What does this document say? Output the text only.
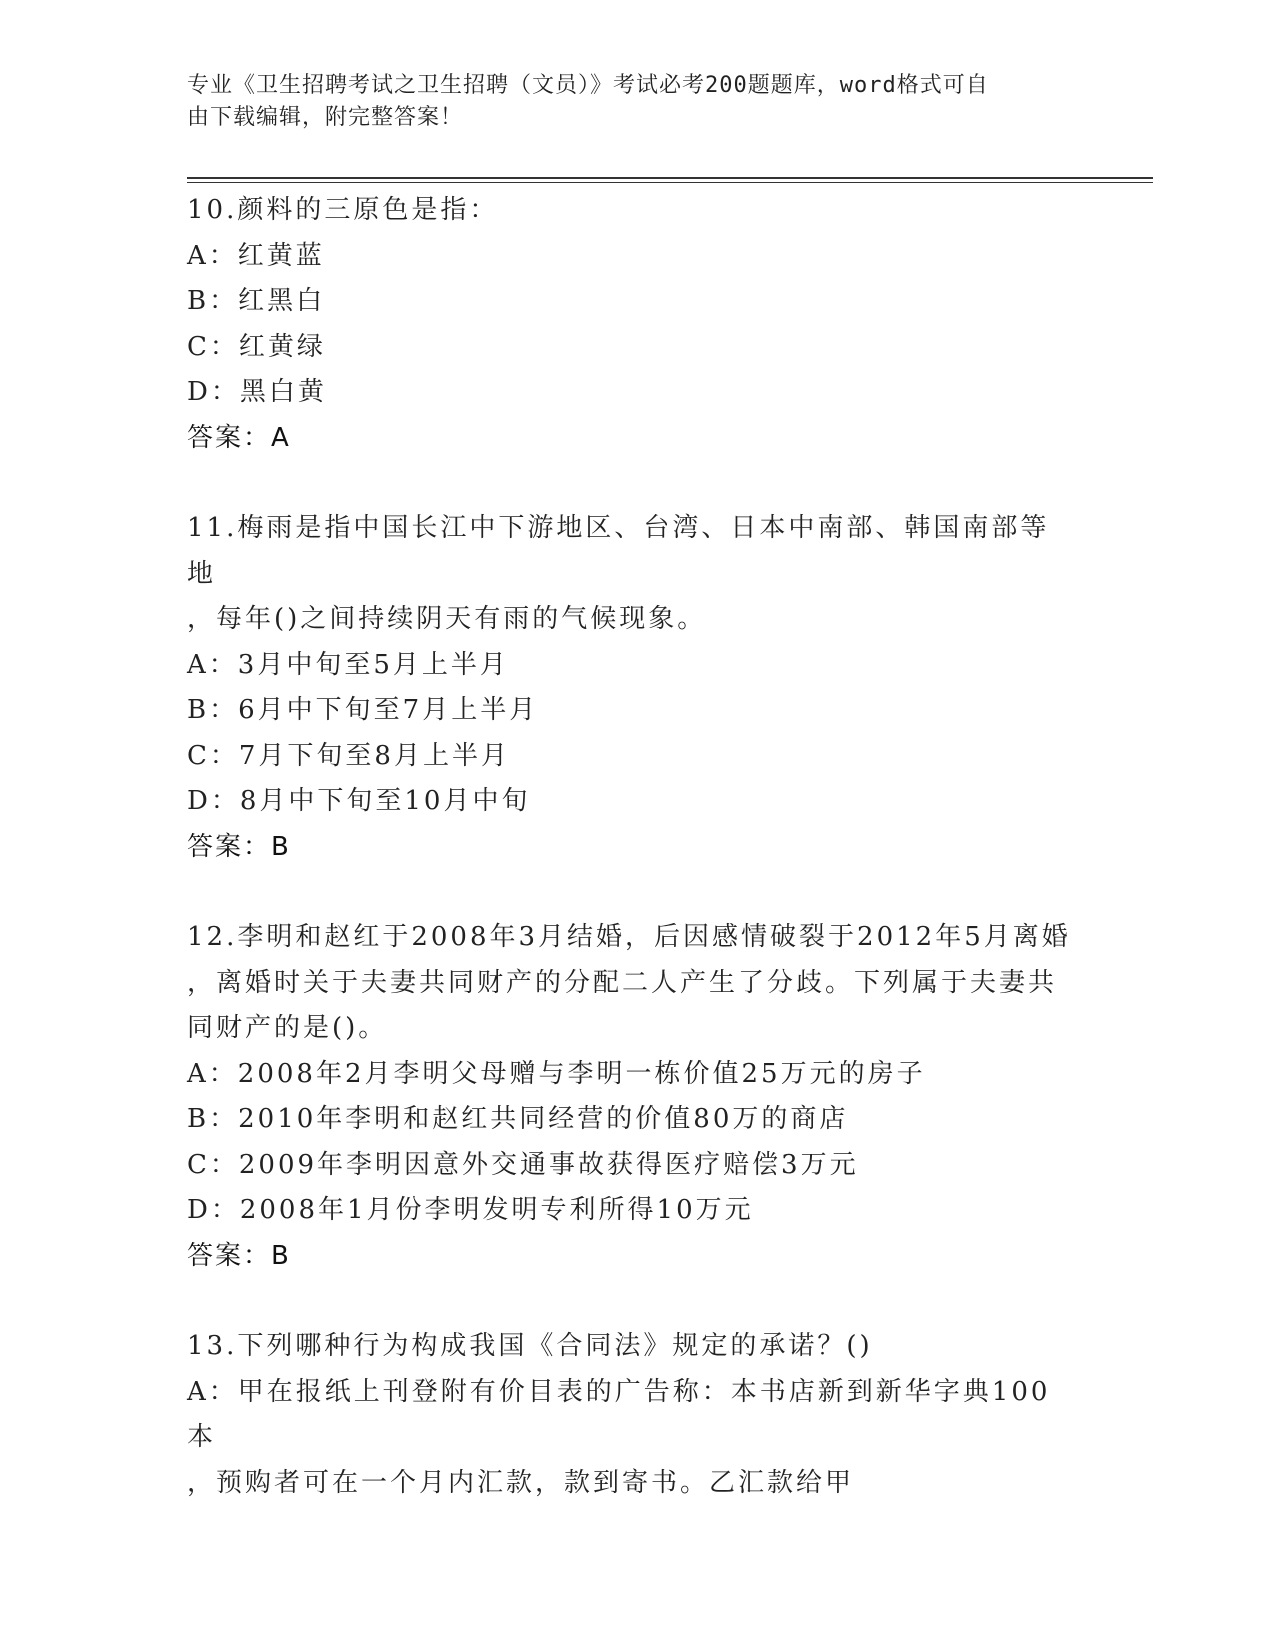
专业《卫生招聘考试之卫生招聘（文员）》考试必考200题题库，word格式可自
由下载编辑，附完整答案！
10.颜料的三原色是指：
A：红黄蓝
B：红黑白
C：红黄绿
D：黑白黄
答案：A
11.梅雨是指中国长江中下游地区、台湾、日本中南部、韩国南部等地
，每年()之间持续阴天有雨的气候现象。
A：3月中旬至5月上半月
B：6月中下旬至7月上半月
C：7月下旬至8月上半月
D：8月中下旬至10月中旬
答案：B
12.李明和赵红于2008年3月结婚，后因感情破裂于2012年5月离婚
，离婚时关于夫妻共同财产的分配二人产生了分歧。下列属于夫妻共
同财产的是()。
A：2008年2月李明父母赠与李明一栋价值25万元的房子
B：2010年李明和赵红共同经营的价值80万的商店
C：2009年李明因意外交通事故获得医疗赔偿3万元
D：2008年1月份李明发明专利所得10万元
答案：B
13.下列哪种行为构成我国《合同法》规定的承诺？()
A：甲在报纸上刊登附有价目表的广告称：本书店新到新华字典100本
，预购者可在一个月内汇款，款到寄书。乙汇款给甲
